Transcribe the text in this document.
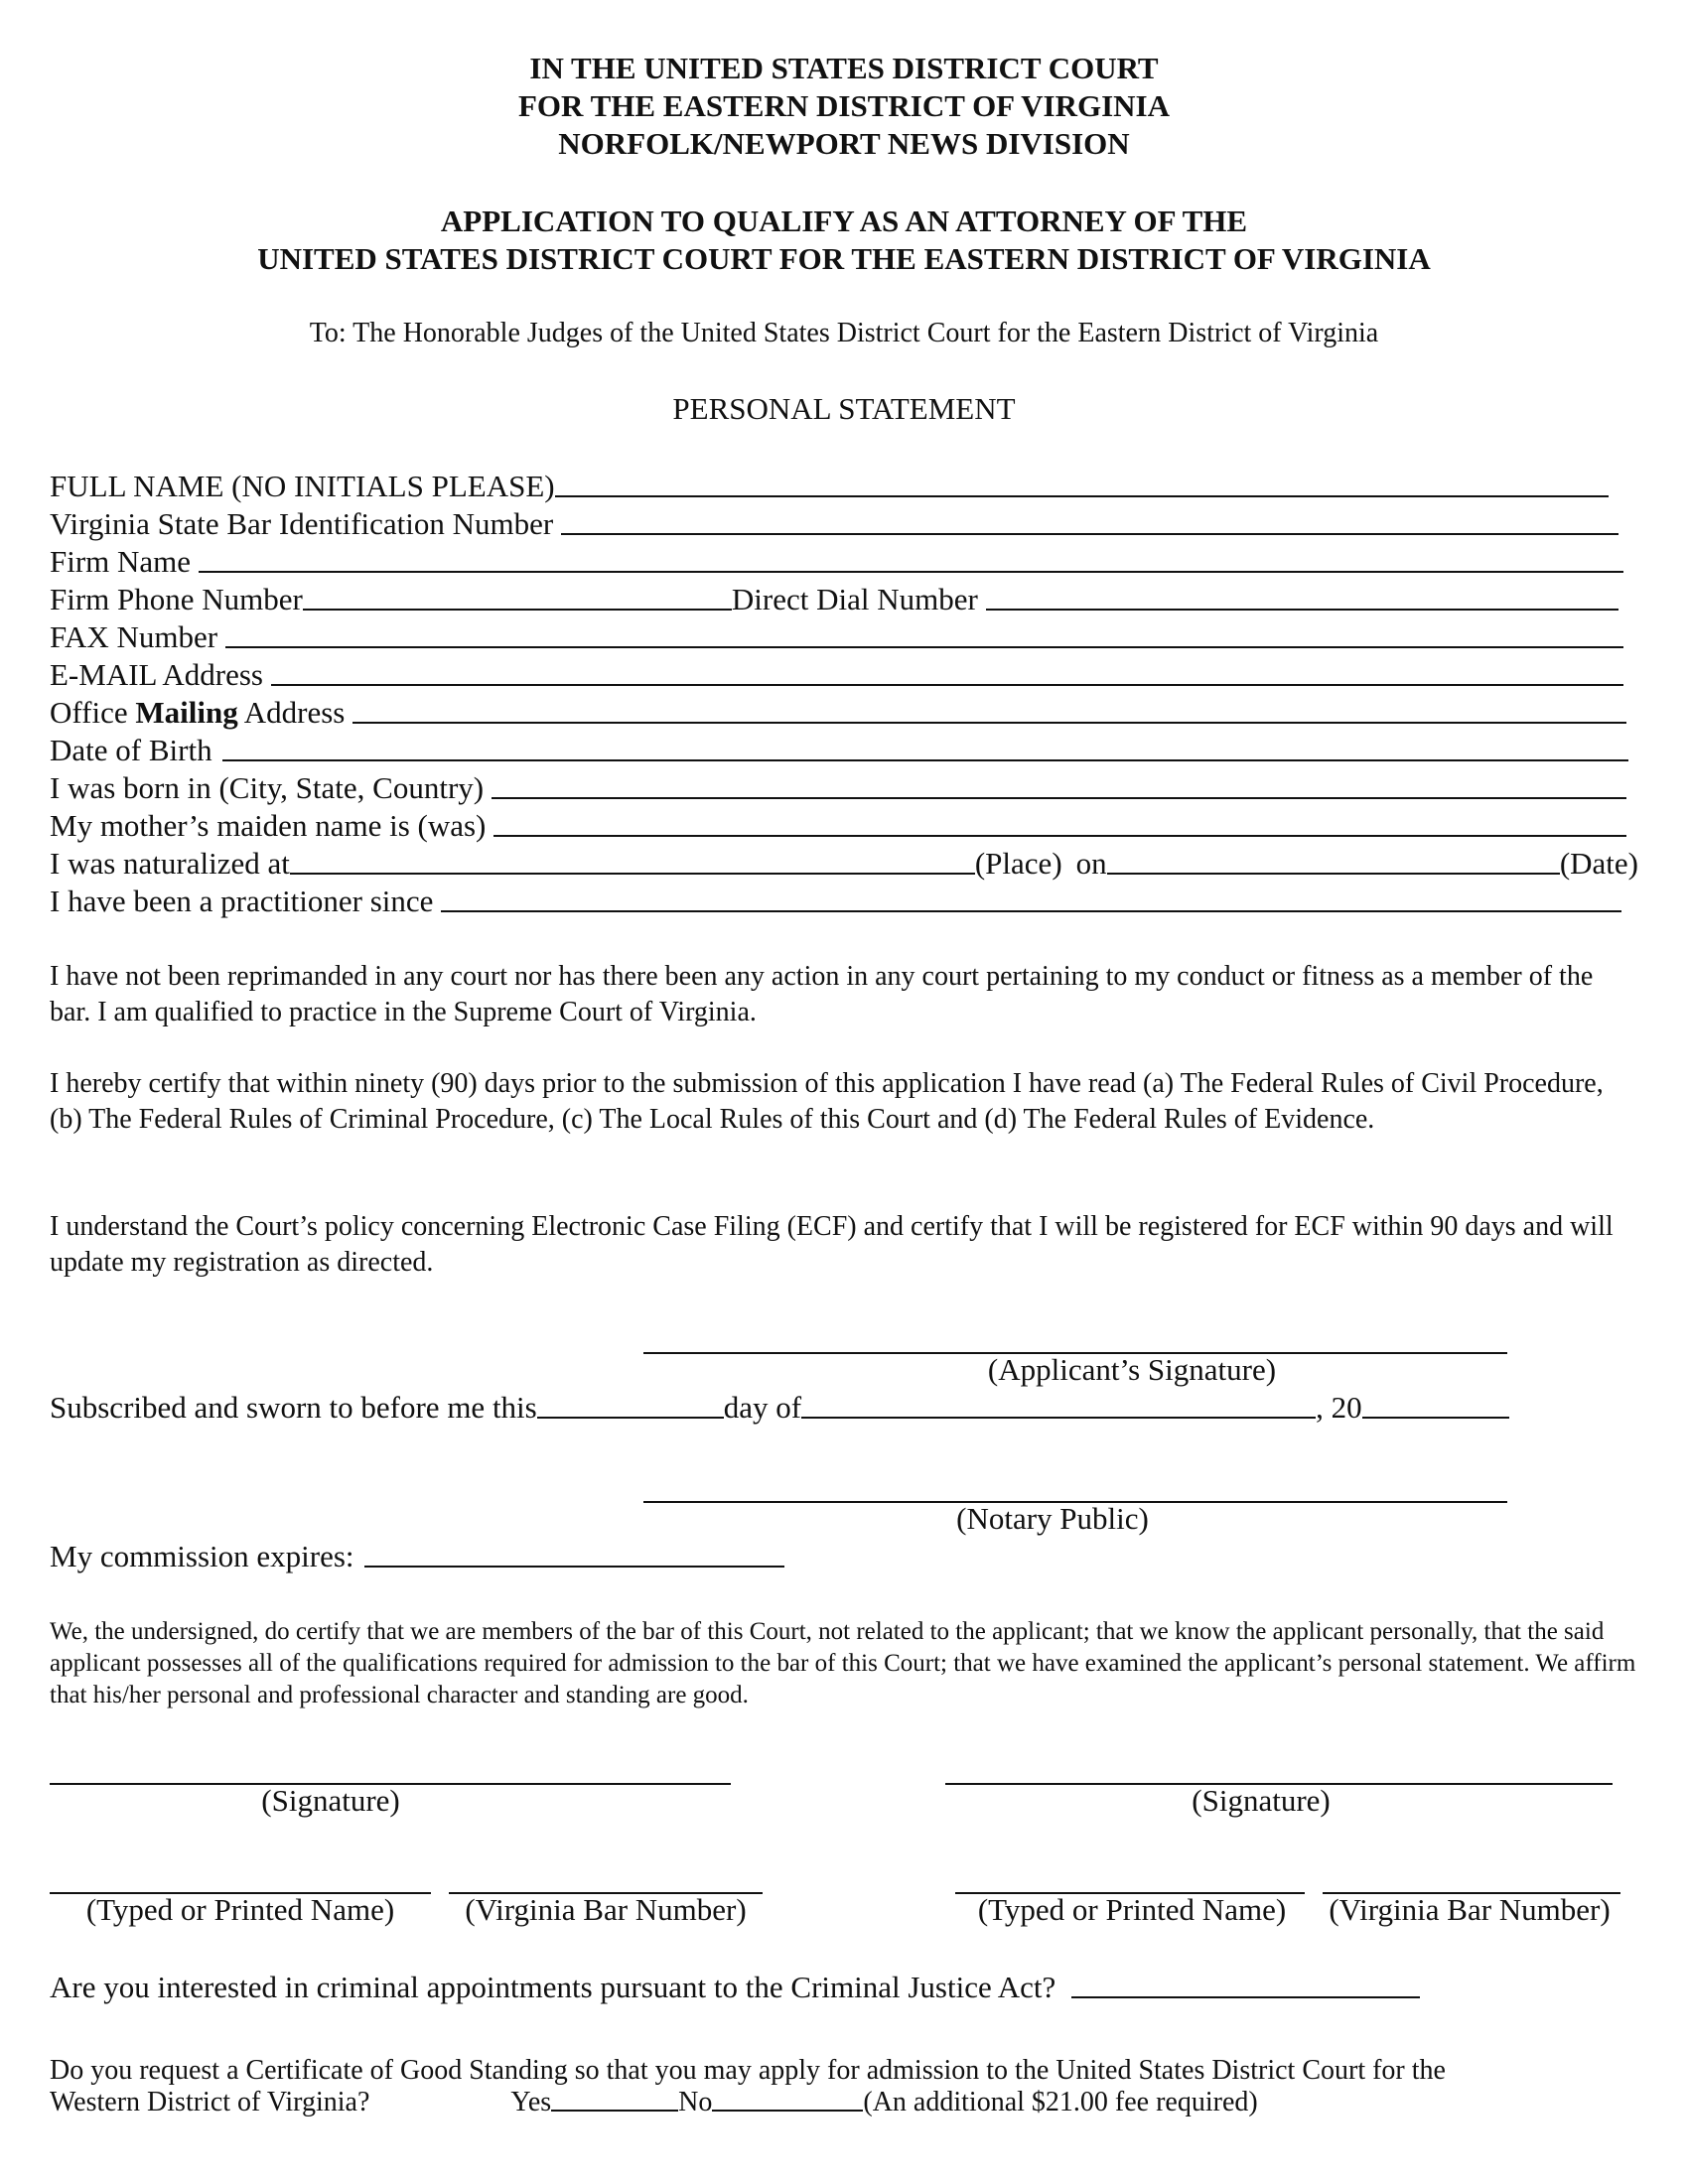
IN THE UNITED STATES DISTRICT COURT
FOR THE EASTERN DISTRICT OF VIRGINIA
NORFOLK/NEWPORT NEWS DIVISION
APPLICATION TO QUALIFY AS AN ATTORNEY OF THE
UNITED STATES DISTRICT COURT FOR THE EASTERN DISTRICT OF VIRGINIA
To: The Honorable Judges of the United States District Court for the Eastern District of Virginia
PERSONAL STATEMENT
FULL NAME (NO INITIALS PLEASE)
Virginia State Bar Identification Number
Firm Name
Firm Phone Number	Direct Dial Number
FAX Number
E-MAIL Address
Office Mailing Address
Date of Birth
I was born in (City, State, Country)
My mother’s maiden name is (was)
I was naturalized at	(Place) on	(Date)
I have been a practitioner since
I have not been reprimanded in any court nor has there been any action in any court pertaining to my conduct or fitness as a member of the bar. I am qualified to practice in the Supreme Court of Virginia.
I hereby certify that within ninety (90) days prior to the submission of this application I have read (a) The Federal Rules of Civil Procedure, (b) The Federal Rules of Criminal Procedure, (c) The Local Rules of this Court and (d) The Federal Rules of Evidence.
I understand the Court’s policy concerning Electronic Case Filing (ECF) and certify that I will be registered for ECF within 90 days and will update my registration as directed.
(Applicant’s Signature)
Subscribed and sworn to before me this	day of	, 20
(Notary Public)
My commission expires:
We, the undersigned, do certify that we are members of the bar of this Court, not related to the applicant; that we know the applicant personally, that the said applicant possesses all of the qualifications required for admission to the bar of this Court; that we have examined the applicant’s personal statement. We affirm that his/her personal and professional character and standing are good.
(Signature)	(Signature)
(Typed or Printed Name)	(Virginia Bar Number)	(Typed or Printed Name)	(Virginia Bar Number)
Are you interested in criminal appointments pursuant to the Criminal Justice Act?
Do you request a Certificate of Good Standing so that you may apply for admission to the United States District Court for the
Western District of Virginia?	Yes	No	(An additional $21.00 fee required)
